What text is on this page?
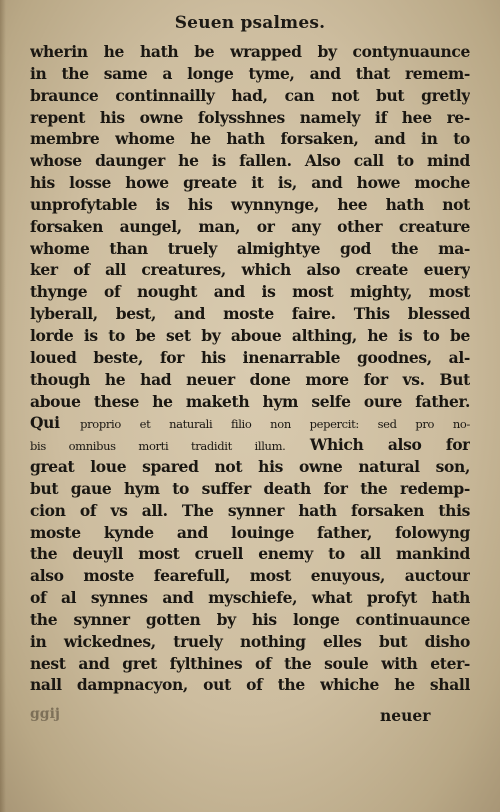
Seuen psalmes.
wherin he hath be wrapped by contynuaunce
in the same a longe tyme, and that remem-
braunce continnailly had, can not but gretly
repent his owne folysshnes namely if hee re-
membre whome he hath forsaken, and in to
whose daunger he is fallen. Also call to mind
his losse howe greate it is, and howe moche
unprofytable is his wynnynge, hee hath not
forsaken aungel, man, or any other creature
whome than truely almightye god the ma-
ker of all creatures, which also create euery
thynge of nought and is most mighty, most
lyberall, best, and moste faire. This blessed
lorde is to be set by aboue althing, he is to be
loued beste, for his inenarrable goodnes, al-
though he had neuer done more for vs. But
aboue these he maketh hym selfe oure father.
Qui proprio et naturali filio non pepercit: sed pro no-
bis omnibus morti tradidit illum. Which also for
great loue spared not his owne natural son,
but gaue hym to suffer death for the redemp-
cion of vs all. The synner hath forsaken this
moste kynde and louinge father, folowyng
the deuyll most cruell enemy to all mankind
also moste fearefull, most enuyous, auctour
of al synnes and myschiefe, what profyt hath
the synner gotten by his longe continuaunce
in wickednes, truely nothing elles but disho
nest and gret fylthines of the soule with eter-
nall dampnacyon, out of the whiche he shall
ggij	neuer
